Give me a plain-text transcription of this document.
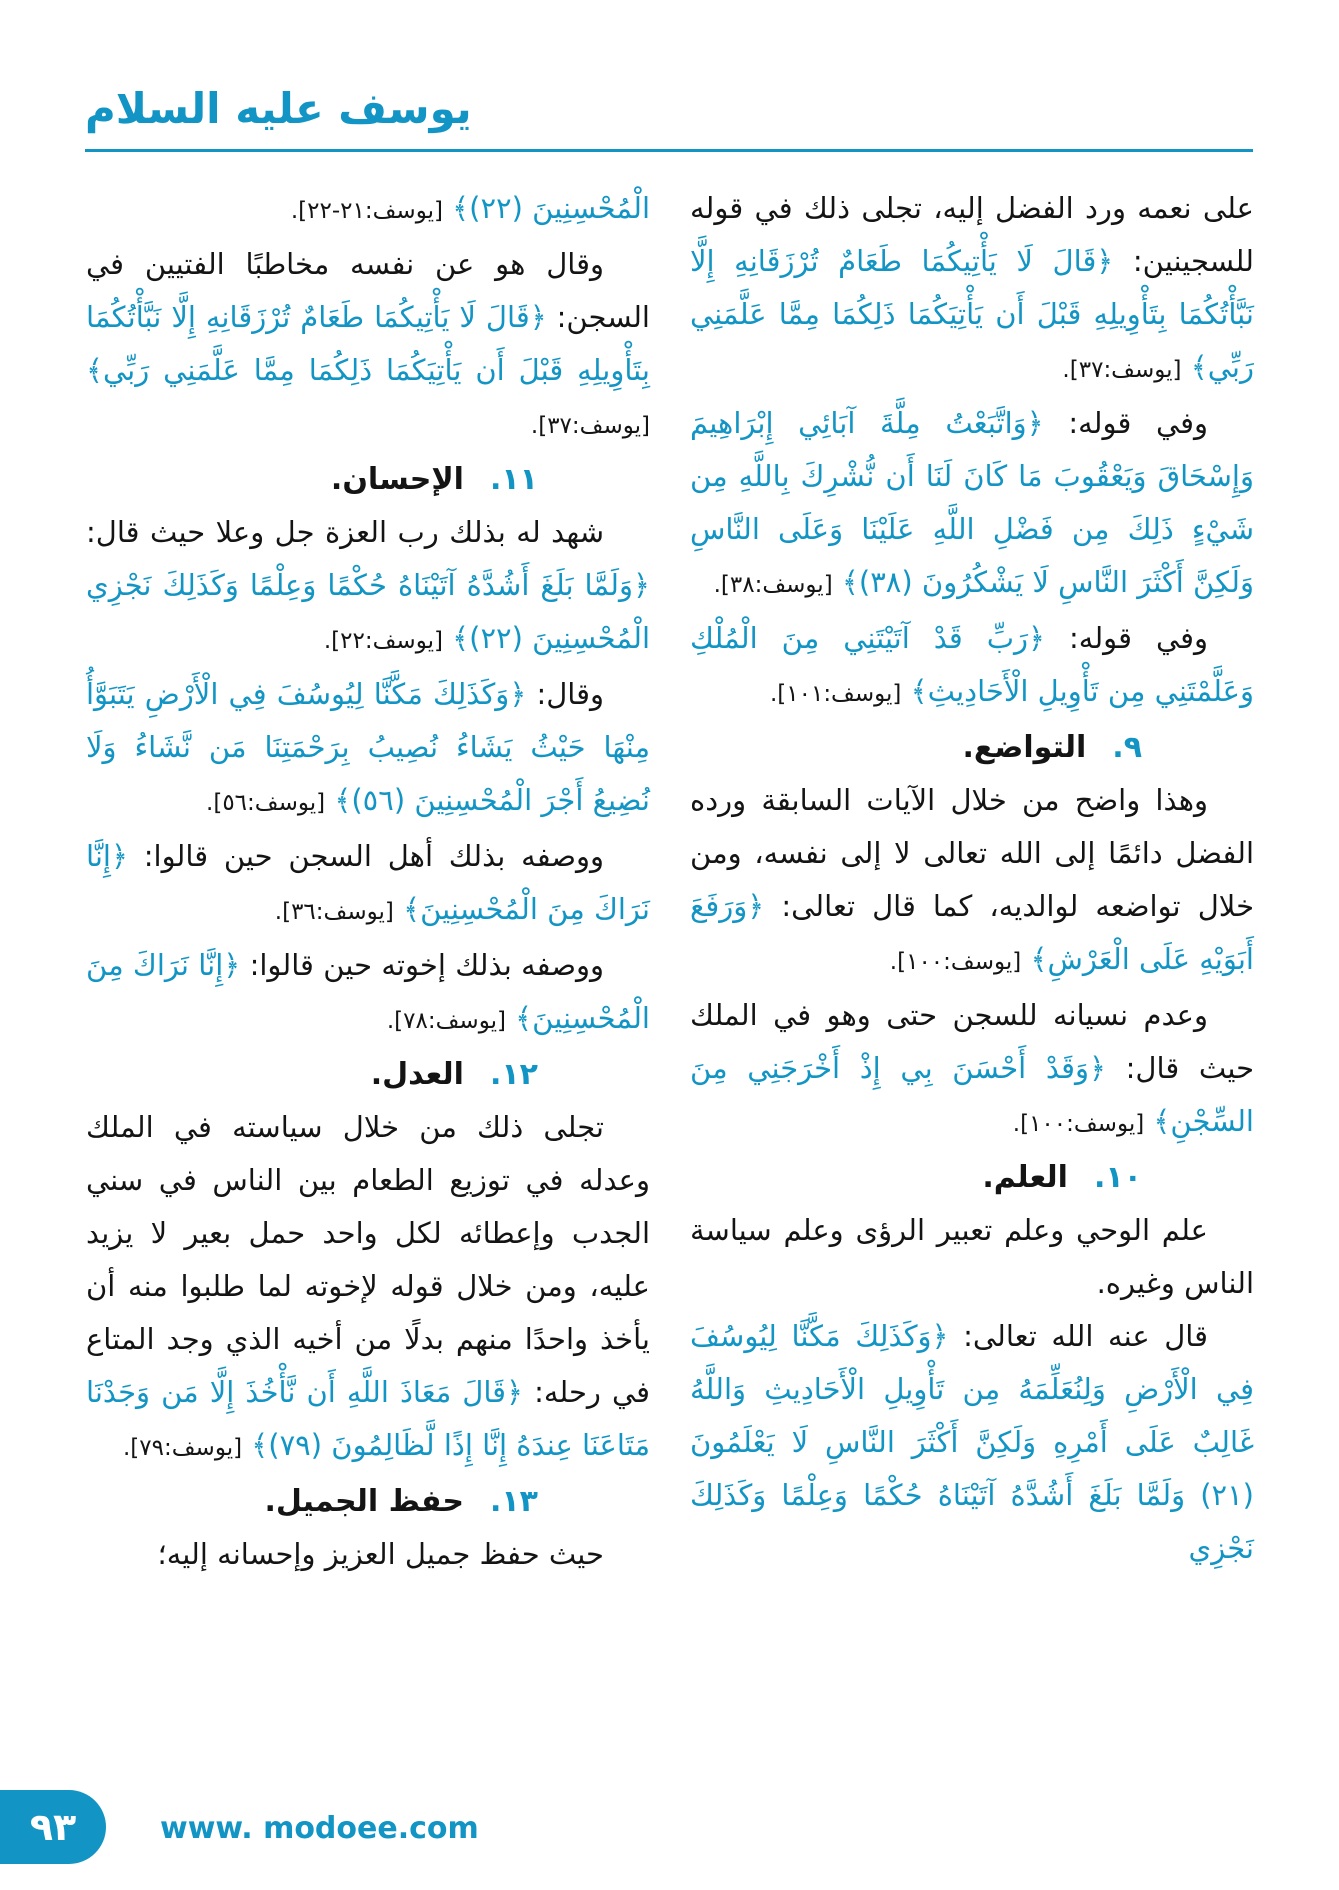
يوسف عليه السلام

على نعمه ورد الفضل إليه، تجلى ذلك في قوله للسجينين: ﴿قَالَ لَا يَأْتِيكُمَا طَعَامٌ تُرْزَقَانِهِ إِلَّا نَبَّأْتُكُمَا بِتَأْوِيلِهِ قَبْلَ أَن يَأْتِيَكُمَا ذَلِكُمَا مِمَّا عَلَّمَنِي رَبِّي﴾ [يوسف:٣٧].

وفي قوله: ﴿وَاتَّبَعْتُ مِلَّةَ آبَائِي إِبْرَاهِيمَ وَإِسْحَاقَ وَيَعْقُوبَ مَا كَانَ لَنَا أَن نُّشْرِكَ بِاللَّهِ مِن شَيْءٍ ذَلِكَ مِن فَضْلِ اللَّهِ عَلَيْنَا وَعَلَى النَّاسِ وَلَكِنَّ أَكْثَرَ النَّاسِ لَا يَشْكُرُونَ (٣٨)﴾ [يوسف:٣٨].

وفي قوله: ﴿رَبِّ قَدْ آتَيْتَنِي مِنَ الْمُلْكِ وَعَلَّمْتَنِي مِن تَأْوِيلِ الْأَحَادِيثِ﴾ [يوسف:١٠١].

٩.التواضع.

وهذا واضح من خلال الآيات السابقة ورده الفضل دائمًا إلى الله تعالى لا إلى نفسه، ومن خلال تواضعه لوالديه، كما قال تعالى: ﴿وَرَفَعَ أَبَوَيْهِ عَلَى الْعَرْشِ﴾ [يوسف:١٠٠].

وعدم نسيانه للسجن حتى وهو في الملك حيث قال: ﴿وَقَدْ أَحْسَنَ بِي إِذْ أَخْرَجَنِي مِنَ السِّجْنِ﴾ [يوسف:١٠٠].

١٠.العلم.

علم الوحي وعلم تعبير الرؤى وعلم سياسة الناس وغيره.

قال عنه الله تعالى: ﴿وَكَذَلِكَ مَكَّنَّا لِيُوسُفَ فِي الْأَرْضِ وَلِنُعَلِّمَهُ مِن تَأْوِيلِ الْأَحَادِيثِ وَاللَّهُ غَالِبٌ عَلَى أَمْرِهِ وَلَكِنَّ أَكْثَرَ النَّاسِ لَا يَعْلَمُونَ (٢١) وَلَمَّا بَلَغَ أَشُدَّهُ آتَيْنَاهُ حُكْمًا وَعِلْمًا وَكَذَلِكَ نَجْزِي

الْمُحْسِنِينَ (٢٢)﴾ [يوسف:٢١-٢٢].

وقال هو عن نفسه مخاطبًا الفتيين في السجن: ﴿قَالَ لَا يَأْتِيكُمَا طَعَامٌ تُرْزَقَانِهِ إِلَّا نَبَّأْتُكُمَا بِتَأْوِيلِهِ قَبْلَ أَن يَأْتِيَكُمَا ذَلِكُمَا مِمَّا عَلَّمَنِي رَبِّي﴾ [يوسف:٣٧].

١١.الإحسان.

شهد له بذلك رب العزة جل وعلا حيث قال: ﴿وَلَمَّا بَلَغَ أَشُدَّهُ آتَيْنَاهُ حُكْمًا وَعِلْمًا وَكَذَلِكَ نَجْزِي الْمُحْسِنِينَ (٢٢)﴾ [يوسف:٢٢].

وقال: ﴿وَكَذَلِكَ مَكَّنَّا لِيُوسُفَ فِي الْأَرْضِ يَتَبَوَّأُ مِنْهَا حَيْثُ يَشَاءُ نُصِيبُ بِرَحْمَتِنَا مَن نَّشَاءُ وَلَا نُضِيعُ أَجْرَ الْمُحْسِنِينَ (٥٦)﴾ [يوسف:٥٦].

ووصفه بذلك أهل السجن حين قالوا: ﴿إِنَّا نَرَاكَ مِنَ الْمُحْسِنِينَ﴾ [يوسف:٣٦].

ووصفه بذلك إخوته حين قالوا: ﴿إِنَّا نَرَاكَ مِنَ الْمُحْسِنِينَ﴾ [يوسف:٧٨].

١٢.العدل.

تجلى ذلك من خلال سياسته في الملك وعدله في توزيع الطعام بين الناس في سني الجدب وإعطائه لكل واحد حمل بعير لا يزيد عليه، ومن خلال قوله لإخوته لما طلبوا منه أن يأخذ واحدًا منهم بدلًا من أخيه الذي وجد المتاع في رحله: ﴿قَالَ مَعَاذَ اللَّهِ أَن نَّأْخُذَ إِلَّا مَن وَجَدْنَا مَتَاعَنَا عِندَهُ إِنَّا إِذًا لَّظَالِمُونَ (٧٩)﴾ [يوسف:٧٩].

١٣.حفظ الجميل.

حيث حفظ جميل العزيز وإحسانه إليه؛

٩٣	www. modoee.com
